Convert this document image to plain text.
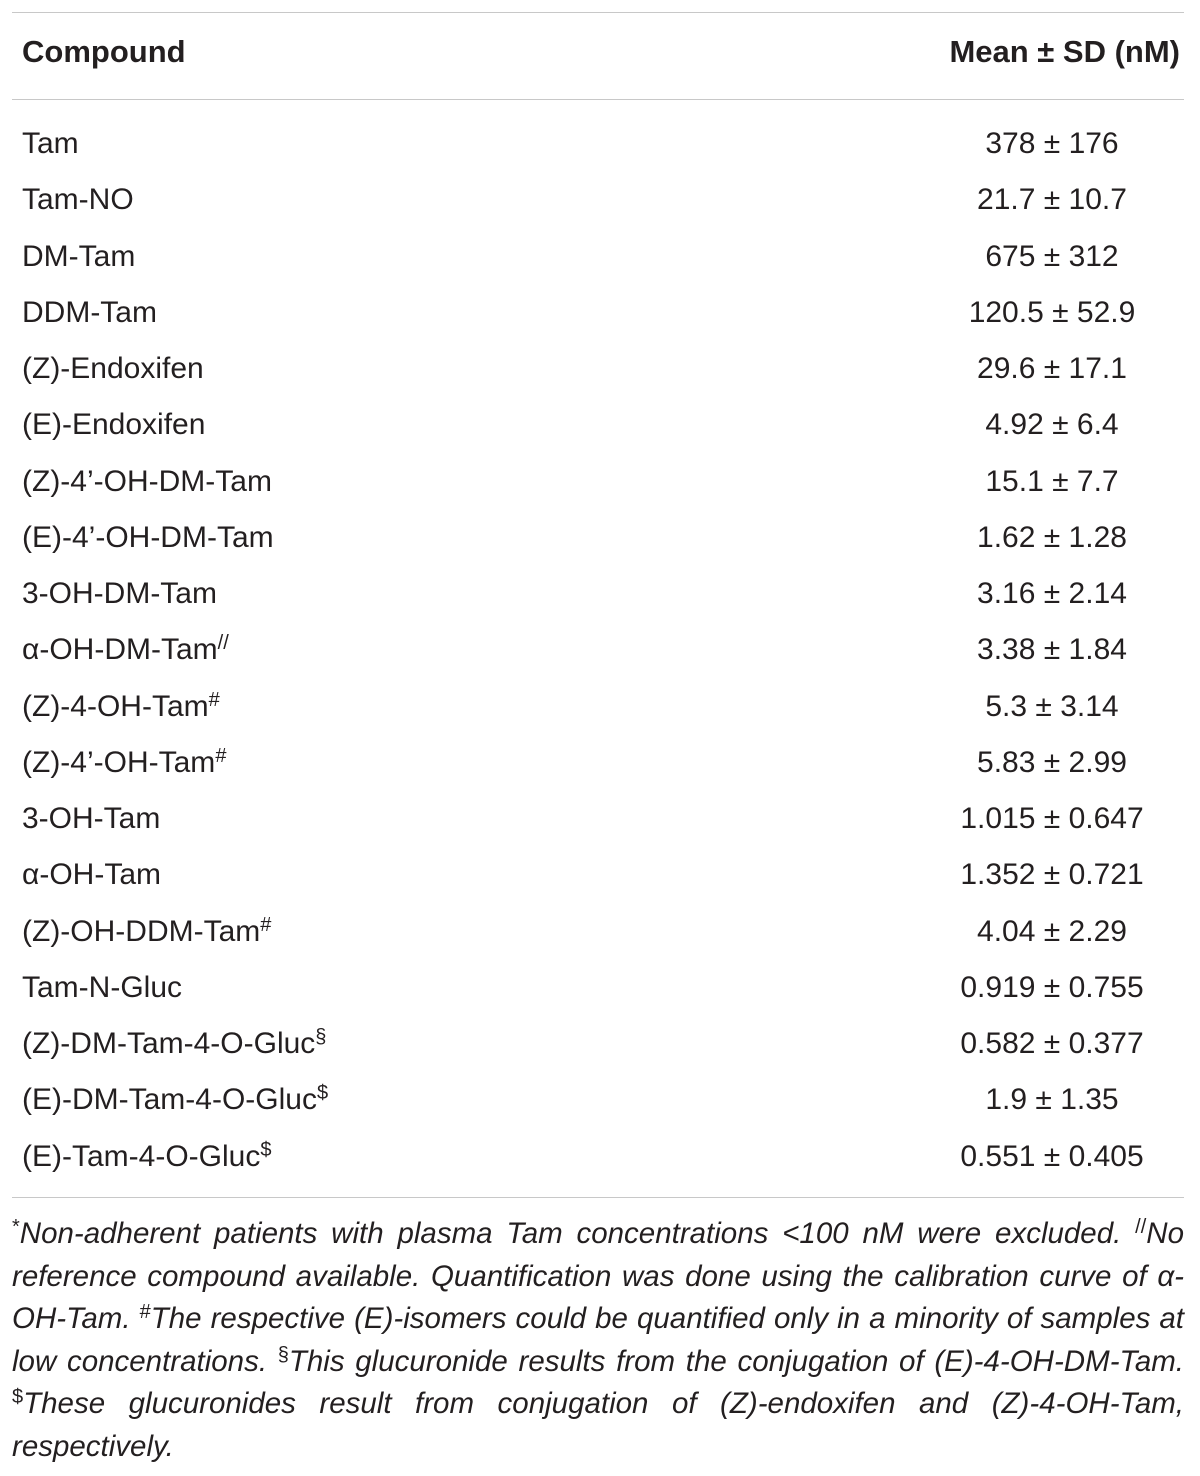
Compound	Mean ± SD (nM)
Tam	378 ± 176
Tam-NO	21.7 ± 10.7
DM-Tam	675 ± 312
DDM-Tam	120.5 ± 52.9
(Z)-Endoxifen	29.6 ± 17.1
(E)-Endoxifen	4.92 ± 6.4
(Z)-4’-OH-DM-Tam	15.1 ± 7.7
(E)-4’-OH-DM-Tam	1.62 ± 1.28
3-OH-DM-Tam	3.16 ± 2.14
α-OH-DM-Tam//	3.38 ± 1.84
(Z)-4-OH-Tam#	5.3 ± 3.14
(Z)-4’-OH-Tam#	5.83 ± 2.99
3-OH-Tam	1.015 ± 0.647
α-OH-Tam	1.352 ± 0.721
(Z)-OH-DDM-Tam#	4.04 ± 2.29
Tam-N-Gluc	0.919 ± 0.755
(Z)-DM-Tam-4-O-Gluc§	0.582 ± 0.377
(E)-DM-Tam-4-O-Gluc$	1.9 ± 1.35
(E)-Tam-4-O-Gluc$	0.551 ± 0.405
*Non-adherent patients with plasma Tam concentrations <100 nM were excluded. //No reference compound available. Quantification was done using the calibration curve of α-OH-Tam. #The respective (E)-isomers could be quantified only in a minority of samples at low concentrations. §This glucuronide results from the conjugation of (E)-4-OH-DM-Tam. $These glucuronides result from conjugation of (Z)-endoxifen and (Z)-4-OH-Tam, respectively.
